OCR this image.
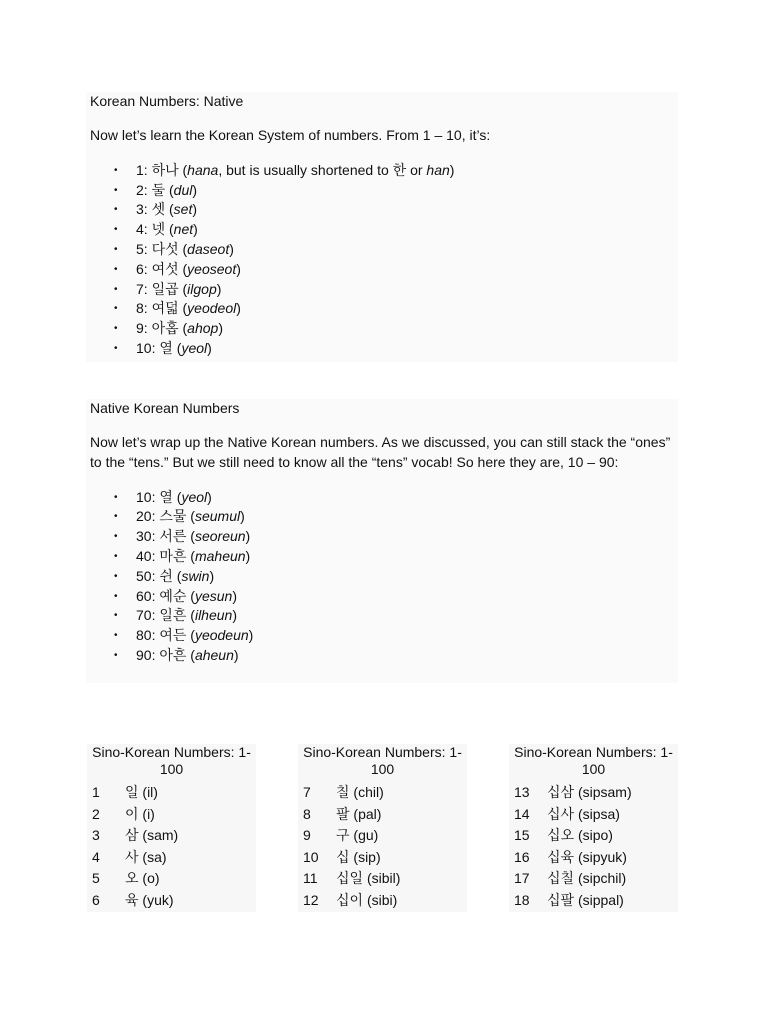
Korean Numbers: Native

Now let’s learn the Korean System of numbers. From 1 – 10, it’s:

• 1: 하나 (hana, but is usually shortened to 한 or han)
• 2: 둘 (dul)
• 3: 셋 (set)
• 4: 넷 (net)
• 5: 다섯 (daseot)
• 6: 여섯 (yeoseot)
• 7: 일곱 (ilgop)
• 8: 여덟 (yeodeol)
• 9: 아홉 (ahop)
• 10: 열 (yeol)

Native Korean Numbers

Now let’s wrap up the Native Korean numbers. As we discussed, you can still stack the “ones” to the “tens.” But we still need to know all the “tens” vocab! So here they are, 10 – 90:

• 10: 열 (yeol)
• 20: 스물 (seumul)
• 30: 서른 (seoreun)
• 40: 마흔 (maheun)
• 50: 쉰 (swin)
• 60: 예순 (yesun)
• 70: 일흔 (ilheun)
• 80: 여든 (yeodeun)
• 90: 아흔 (aheun)
Sino-Korean Numbers: 1-
100
1 일 (il)
2 이 (i)
3 삼 (sam)
4 사 (sa)
5 오 (o)
6 육 (yuk)
Sino-Korean Numbers: 1-
100
7 칠 (chil)
8 팔 (pal)
9 구 (gu)
10 십 (sip)
11 십일 (sibil)
12 십이 (sibi)
Sino-Korean Numbers: 1-
100
13 십삼 (sipsam)
14 십사 (sipsa)
15 십오 (sipo)
16 십육 (sipyuk)
17 십칠 (sipchil)
18 십팔 (sippal)
